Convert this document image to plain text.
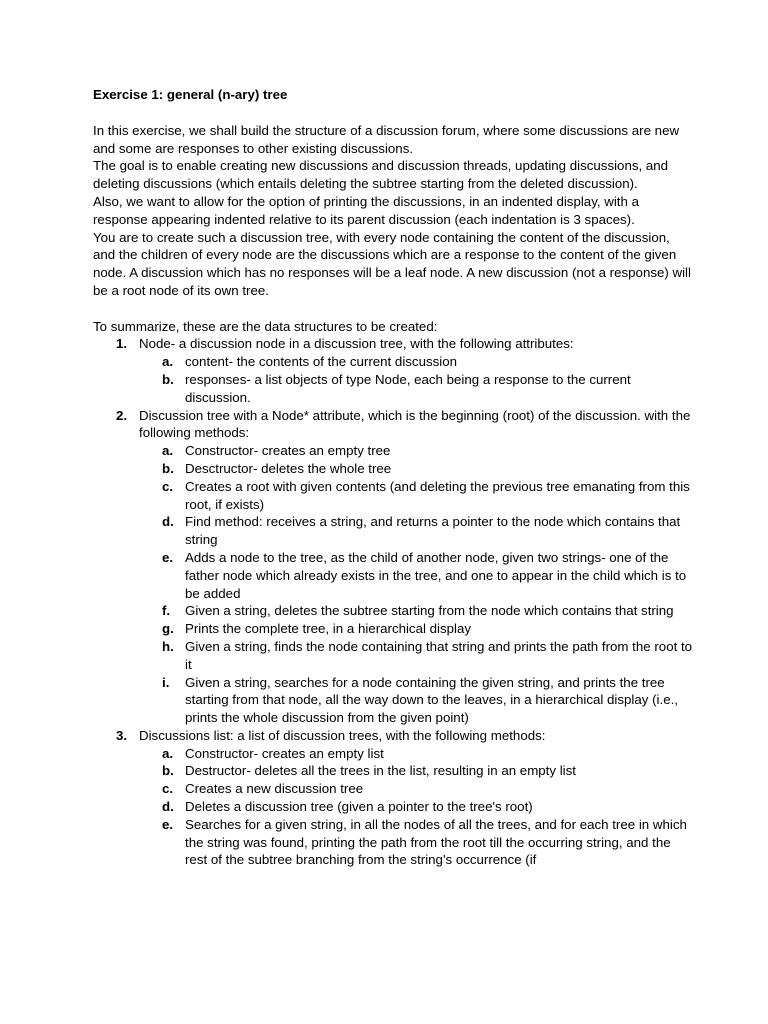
Exercise 1: general (n-ary) tree

In this exercise, we shall build the structure of a discussion forum, where some discussions are new and some are responses to other existing discussions.

The goal is to enable creating new discussions and discussion threads, updating discussions, and deleting discussions (which entails deleting the subtree starting from the deleted discussion).

Also, we want to allow for the option of printing the discussions, in an indented display, with a response appearing indented relative to its parent discussion (each indentation is 3 spaces).

You are to create such a discussion tree, with every node containing the content of the discussion, and the children of every node are the discussions which are a response to the content of the given node. A discussion which has no responses will be a leaf node. A new discussion (not a response) will be a root node of its own tree.

To summarize, these are the data structures to be created:

1. Node- a discussion node in a discussion tree, with the following attributes:
a. content- the contents of the current discussion
b. responses- a list objects of type Node, each being a response to the current discussion.
2. Discussion tree with a Node* attribute, which is the beginning (root) of the discussion. with the following methods:
a. Constructor- creates an empty tree
b. Desctructor- deletes the whole tree
c. Creates a root with given contents (and deleting the previous tree emanating from this root, if exists)
d. Find method: receives a string, and returns a pointer to the node which contains that string
e. Adds a node to the tree, as the child of another node, given two strings- one of the father node which already exists in the tree, and one to appear in the child which is to be added
f. Given a string, deletes the subtree starting from the node which contains that string
g. Prints the complete tree, in a hierarchical display
h. Given a string, finds the node containing that string and prints the path from the root to it
i. Given a string, searches for a node containing the given string, and prints the tree starting from that node, all the way down to the leaves, in a hierarchical display (i.e., prints the whole discussion from the given point)
3. Discussions list: a list of discussion trees, with the following methods:
a. Constructor- creates an empty list
b. Destructor- deletes all the trees in the list, resulting in an empty list
c. Creates a new discussion tree
d. Deletes a discussion tree (given a pointer to the tree's root)
e. Searches for a given string, in all the nodes of all the trees, and for each tree in which the string was found, printing the path from the root till the occurring string, and the rest of the subtree branching from the string's occurrence (if
